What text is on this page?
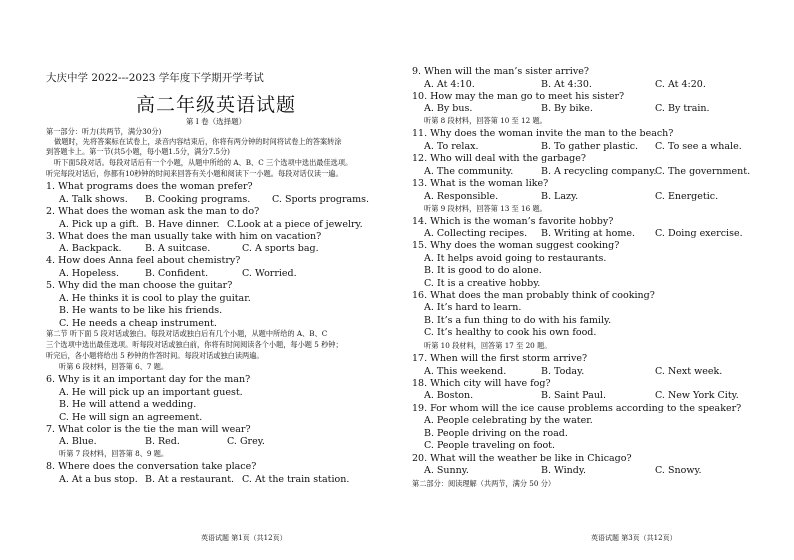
大庆中学 2022---2023 学年度下学期开学考试
高二年级英语试题
第 I 卷（选择题）
第一部分：听力(共两节，满分30分)
做题时，先将答案标在试卷上，录音内容结束后，你将有两分钟的时间将试卷上的答案转涂
到答题卡上。第一节(共5小题，每小题1.5分，满分7.5分)
听下面5段对话。每段对话后有一个小题，从题中所给的 A、B、C 三个选项中选出最佳选项。
听完每段对话后，你都有10秒钟的时间来回答有关小题和阅读下一小题。每段对话仅读一遍。
1. What programs does the woman prefer?
A. Talk shows. B. Cooking programs. C. Sports programs.
2. What does the woman ask the man to do?
A. Pick up a gift. B. Have dinner. C.Look at a piece of jewelry.
3. What does the man usually take with him on vacation?
A. Backpack. B. A suitcase.	C. A sports bag.
4. How does Anna feel about chemistry?
A. Hopeless.	B. Confident.	C. Worried.
5. Why did the man choose the guitar?
A. He thinks it is cool to play the guitar.
B. He wants to be like his friends.
C. He needs a cheap instrument.
第二节 听下面 5 段对话或独白。每段对话或独白后有几个小题，从题中所给的 A、B、C
三个选项中选出最佳选项。听每段对话或独白前，你将有时间阅读各个小题，每小题 5 秒钟；
听完后，各小题将给出 5 秒钟的作答时间。每段对话或独白读两遍。
听第 6 段材料，回答第 6、7 题。
6. Why is it an important day for the man?
A. He will pick up an important guest.
B. He will attend a wedding.
C. He will sign an agreement.
7. What color is the tie the man will wear?
A. Blue.	B. Red.	C. Grey.
听第 7 段材料，回答第 8、9 题。
8. Where does the conversation take place?
A. At a bus stop. B. At a restaurant. C. At the train station.
英语试题 第1页（共12页）
9. When will the man’s sister arrive?
A. At 4:10.	B. At 4:30.	C. At 4:20.
10. How may the man go to meet his sister?
A. By bus.	B. By bike.	C. By train.
听第 8 段材料，回答第 10 至 12 题。
11. Why does the woman invite the man to the beach?
A. To relax.	B. To gather plastic. C. To see a whale.
12. Who will deal with the garbage?
A. The community.	B. A recycling company.
C. The government.
13. What is the woman like?
A. Responsible.	B. Lazy.	C. Energetic.
听第 9 段材料，回答第 13 至 16 题。
14. Which is the woman’s favorite hobby?
A. Collecting recipes. B. Writing at home. C. Doing exercise.
15. Why does the woman suggest cooking?
A. It helps avoid going to restaurants.
B. It is good to do alone.
C. It is a creative hobby.
16. What does the man probably think of cooking?
A. It’s hard to learn.
B. It’s a fun thing to do with his family.
C. It’s healthy to cook his own food.
听第 10 段材料，回答第 17 至 20 题。
17. When will the first storm arrive?
A. This weekend.	B. Today.	C. Next week.
18. Which city will have fog?
A. Boston.	B. Saint Paul.	C. New York City.
19. For whom will the ice cause problems according to the speaker?
A. People celebrating by the water.
B. People driving on the road.
C. People traveling on foot.
20. What will the weather be like in Chicago?
A. Sunny.	B. Windy.	C. Snowy.
第二部分：阅读理解（共两节，满分 50 分）
英语试题 第3页（共12页）
